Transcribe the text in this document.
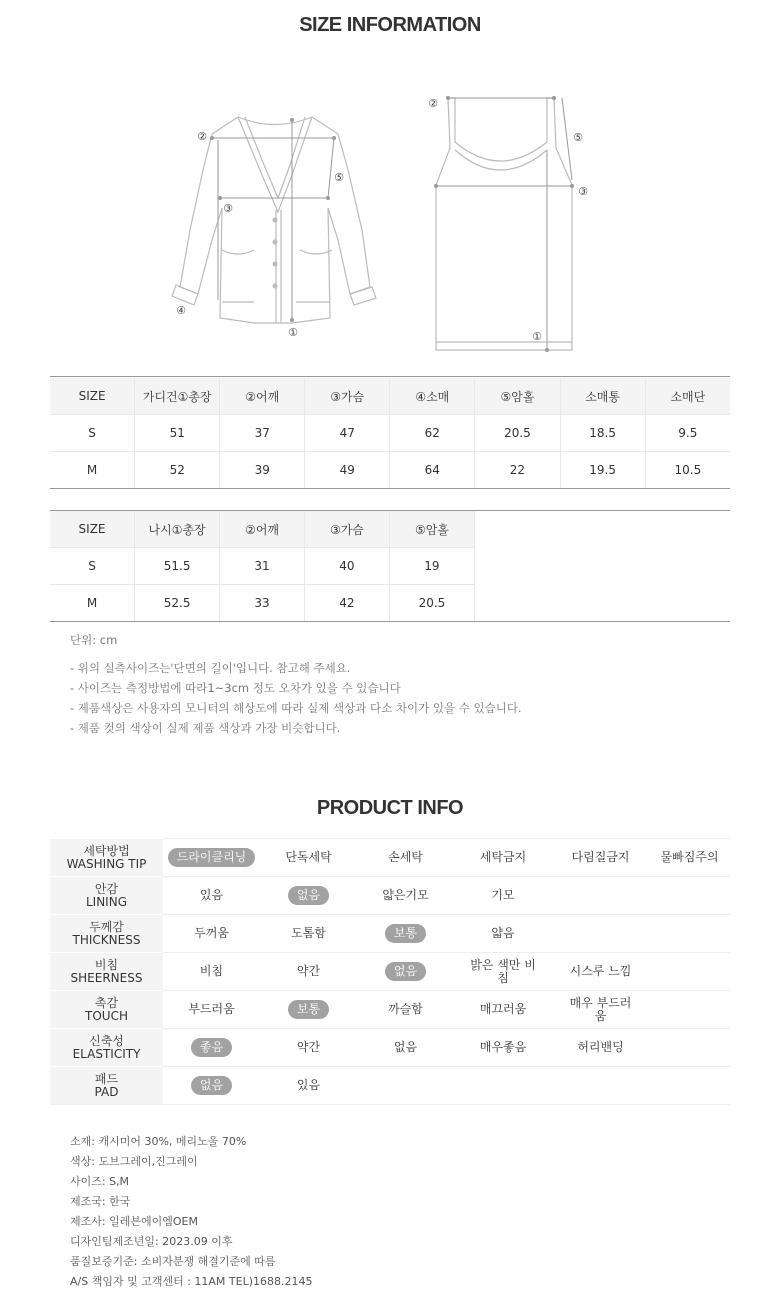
SIZE INFORMATION
②
③
④
⑤
①
②
⑤
③
①
SIZE	가디건①총장	②어깨	③가슴	④소매	⑤암홀	소매통	소매단
S	51	37	47	62	20.5	18.5	9.5
M	52	39	49	64	22	19.5	10.5
SIZE	나시①총장	②어깨	③가슴	⑤암홀
S	51.5	31	40	19
M	52.5	33	42	20.5
단위: cm
- 위의 실측사이즈는'단면의 길이'입니다. 참고해 주세요.
- 사이즈는 측정방법에 따라1~3cm 정도 오차가 있을 수 있습니다
- 제품색상은 사용자의 모니터의 해상도에 따라 실제 색상과 다소 차이가 있을 수 있습니다.
- 제품 컷의 색상이 실제 제품 색상과 가장 비슷합니다.
PRODUCT INFO
세탁방법
WASHING TIP	드라이클리닝	단독세탁	손세탁	세탁금지	다림질금지	물빠짐주의

안감
LINING	있음	없음	얇은기모	기모		

두께감
THICKNESS	두꺼움	도톰함	보통	얇음		

비침
SHEERNESS	비침	약간	없음	밝은 색만 비침	시스루 느낌	

촉감
TOUCH	부드러움	보통	까슬함	매끄러움	매우 부드러움	

신축성
ELASTICITY	좋음	약간	없음	매우좋음	허리밴딩	

패드
PAD	없음	있음				
소재: 캐시미어 30%, 메리노울 70%
색상: 도브그레이,진그레이
사이즈: S,M
제조국: 한국
제조사: 일레븐에이엠OEM
디자인팀제조년일: 2023.09 이후
품질보증기준: 소비자분쟁 해결기준에 따름
A/S 책임자 및 고객센터 : 11AM TEL)1688.2145
